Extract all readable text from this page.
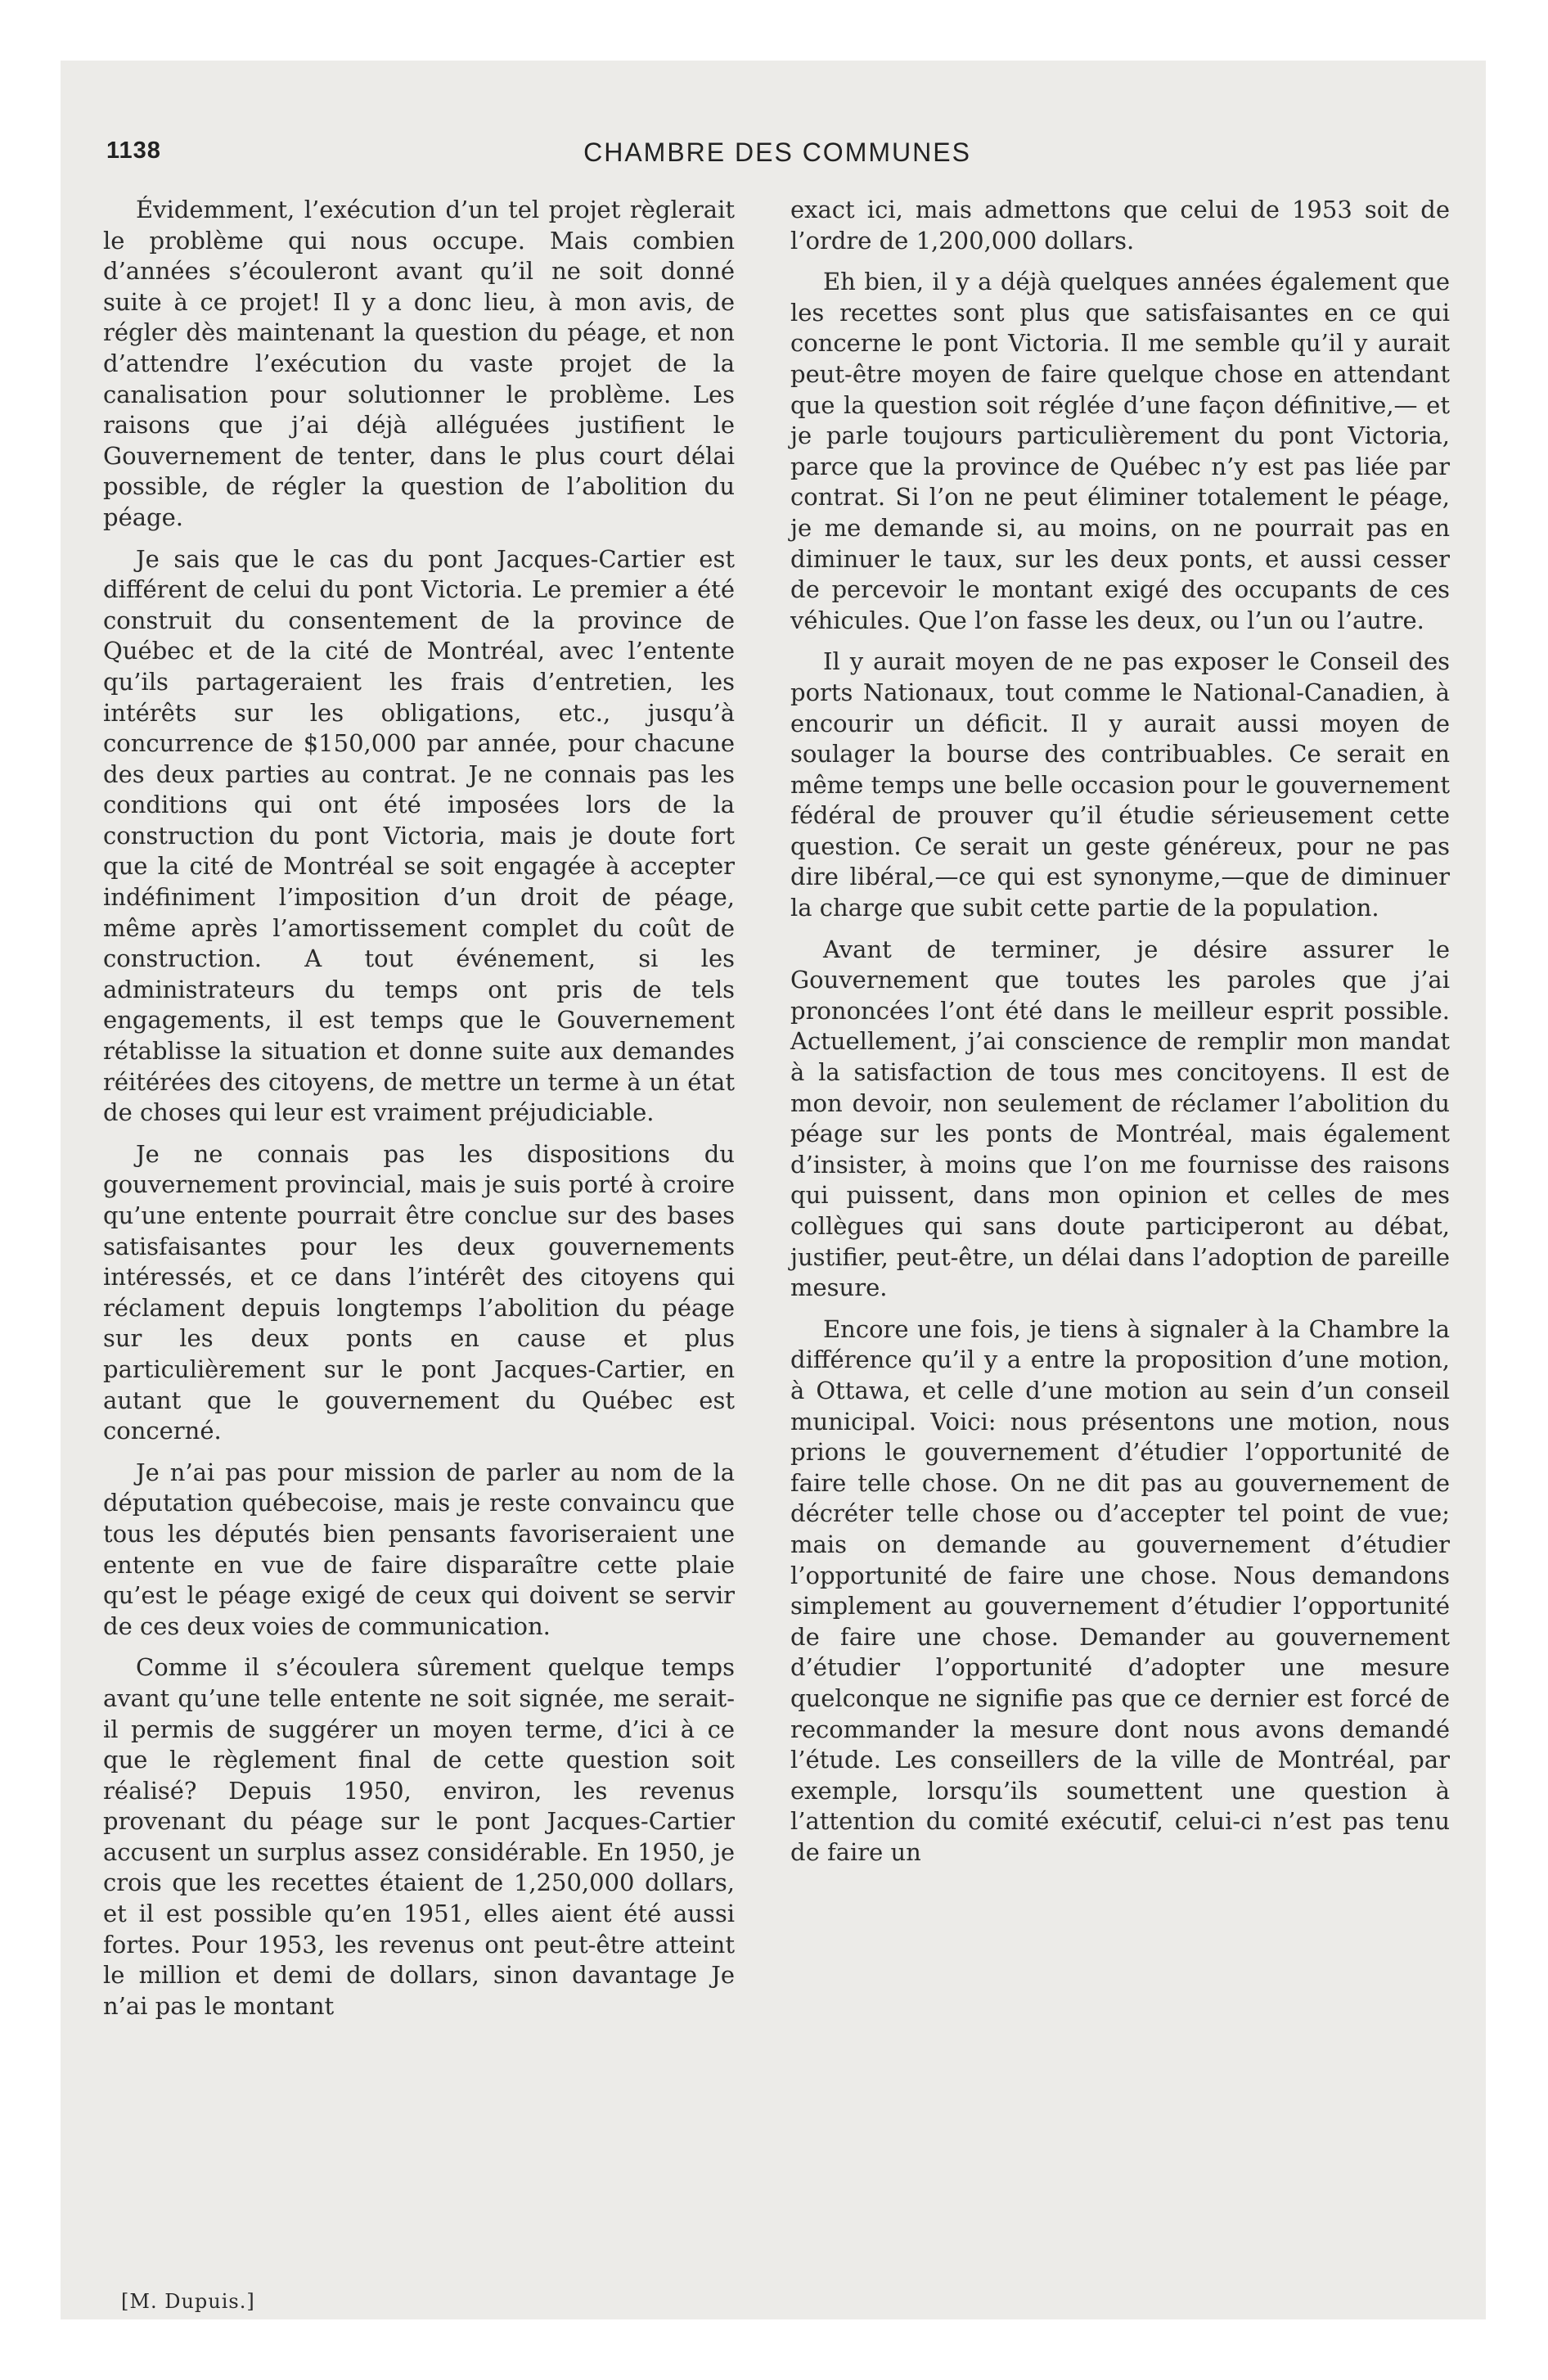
1138	CHAMBRE DES COMMUNES

Évidemment, l’exécution d’un tel projet règlerait le problème qui nous occupe. Mais combien d’années s’écouleront avant qu’il ne soit donné suite à ce projet! Il y a donc lieu, à mon avis, de régler dès maintenant la question du péage, et non d’attendre l’exécution du vaste projet de la canalisation pour solutionner le problème. Les raisons que j’ai déjà alléguées justifient le Gouvernement de tenter, dans le plus court délai possible, de régler la question de l’abolition du péage.

Je sais que le cas du pont Jacques-Cartier est différent de celui du pont Victoria. Le premier a été construit du consentement de la province de Québec et de la cité de Montréal, avec l’entente qu’ils partageraient les frais d’entretien, les intérêts sur les obligations, etc., jusqu’à concurrence de $150,000 par année, pour chacune des deux parties au contrat. Je ne connais pas les conditions qui ont été imposées lors de la construction du pont Victoria, mais je doute fort que la cité de Montréal se soit engagée à accepter indéfiniment l’imposition d’un droit de péage, même après l’amortissement complet du coût de construction. A tout événement, si les administrateurs du temps ont pris de tels engagements, il est temps que le Gouvernement rétablisse la situation et donne suite aux demandes réitérées des citoyens, de mettre un terme à un état de choses qui leur est vraiment préjudiciable.

Je ne connais pas les dispositions du gouvernement provincial, mais je suis porté à croire qu’une entente pourrait être conclue sur des bases satisfaisantes pour les deux gouvernements intéressés, et ce dans l’intérêt des citoyens qui réclament depuis longtemps l’abolition du péage sur les deux ponts en cause et plus particulièrement sur le pont Jacques-Cartier, en autant que le gouvernement du Québec est concerné.

Je n’ai pas pour mission de parler au nom de la députation québecoise, mais je reste convaincu que tous les députés bien pensants favoriseraient une entente en vue de faire disparaître cette plaie qu’est le péage exigé de ceux qui doivent se servir de ces deux voies de communication.

Comme il s’écoulera sûrement quelque temps avant qu’une telle entente ne soit signée, me serait-il permis de suggérer un moyen terme, d’ici à ce que le règlement final de cette question soit réalisé? Depuis 1950, environ, les revenus provenant du péage sur le pont Jacques-Cartier accusent un surplus assez considérable. En 1950, je crois que les recettes étaient de 1,250,000 dollars, et il est possible qu’en 1951, elles aient été aussi fortes. Pour 1953, les revenus ont peut-être atteint le million et demi de dollars, sinon davantage Je n’ai pas le montant

exact ici, mais admettons que celui de 1953 soit de l’ordre de 1,200,000 dollars.

Eh bien, il y a déjà quelques années également que les recettes sont plus que satisfaisantes en ce qui concerne le pont Victoria. Il me semble qu’il y aurait peut-être moyen de faire quelque chose en attendant que la question soit réglée d’une façon définitive,— et je parle toujours particulièrement du pont Victoria, parce que la province de Québec n’y est pas liée par contrat. Si l’on ne peut éliminer totalement le péage, je me demande si, au moins, on ne pourrait pas en diminuer le taux, sur les deux ponts, et aussi cesser de percevoir le montant exigé des occupants de ces véhicules. Que l’on fasse les deux, ou l’un ou l’autre.

Il y aurait moyen de ne pas exposer le Conseil des ports Nationaux, tout comme le National-Canadien, à encourir un déficit. Il y aurait aussi moyen de soulager la bourse des contribuables. Ce serait en même temps une belle occasion pour le gouvernement fédéral de prouver qu’il étudie sérieusement cette question. Ce serait un geste généreux, pour ne pas dire libéral,—ce qui est synonyme,—que de diminuer la charge que subit cette partie de la population.

Avant de terminer, je désire assurer le Gouvernement que toutes les paroles que j’ai prononcées l’ont été dans le meilleur esprit possible. Actuellement, j’ai conscience de remplir mon mandat à la satisfaction de tous mes concitoyens. Il est de mon devoir, non seulement de réclamer l’abolition du péage sur les ponts de Montréal, mais également d’insister, à moins que l’on me fournisse des raisons qui puissent, dans mon opinion et celles de mes collègues qui sans doute participeront au débat, justifier, peut-être, un délai dans l’adoption de pareille mesure.

Encore une fois, je tiens à signaler à la Chambre la différence qu’il y a entre la proposition d’une motion, à Ottawa, et celle d’une motion au sein d’un conseil municipal. Voici: nous présentons une motion, nous prions le gouvernement d’étudier l’opportunité de faire telle chose. On ne dit pas au gouvernement de décréter telle chose ou d’accepter tel point de vue; mais on demande au gouvernement d’étudier l’opportunité de faire une chose. Nous demandons simplement au gouvernement d’étudier l’opportunité de faire une chose. Demander au gouvernement d’étudier l’opportunité d’adopter une mesure quelconque ne signifie pas que ce dernier est forcé de recommander la mesure dont nous avons demandé l’étude. Les conseillers de la ville de Montréal, par exemple, lorsqu’ils soumettent une question à l’attention du comité exécutif, celui-ci n’est pas tenu de faire un

[M. Dupuis.]
